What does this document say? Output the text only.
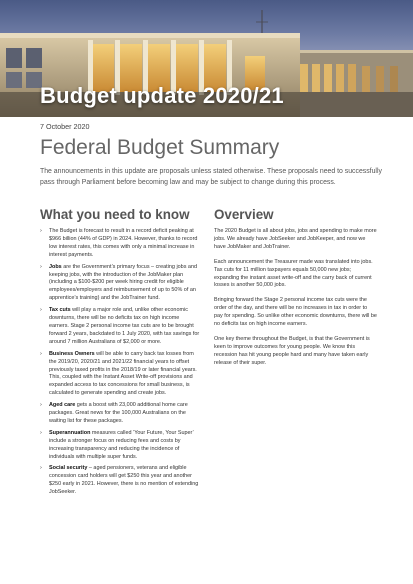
Budget update 2020/21
7 October 2020
Federal Budget Summary

The announcements in this update are proposals unless stated otherwise. These proposals need to successfully pass through Parliament before becoming law and may be subject to change during this process.

What you need to know
› The Budget is forecast to result in a record deficit peaking at $966 billion (44% of GDP) in 2024. However, thanks to record low interest rates, this comes with only a minimal increase in interest payments.
› Jobs are the Government’s primary focus – creating jobs and keeping jobs, with the introduction of the JobMaker plan (including a $100-$200 per week hiring credit for eligible employees/employers and reimbursement of up to 50% of an apprentice’s training) and the JobTrainer fund.
› Tax cuts will play a major role and, unlike other economic downturns, there will be no deficits tax on high income earners. Stage 2 personal income tax cuts are to be brought forward 2 years, backdated to 1 July 2020, with tax savings for around 7 million Australians of $2,000 or more.
› Business Owners will be able to carry back tax losses from the 2019/20, 2020/21 and 2021/22 financial years to offset previously taxed profits in the 2018/19 or later financial years. This, coupled with the Instant Asset Write-off provisions and expanded access to tax concessions for small business, is calculated to generate spending and create jobs.
› Aged care gets a boost with 23,000 additional home care packages. Great news for the 100,000 Australians on the waiting list for these packages.
› Superannuation measures called ‘Your Future, Your Super’ include a stronger focus on reducing fees and costs by increasing transparency and reducing the incidence of individuals with multiple super funds.
› Social security – aged pensioners, veterans and eligible concession card holders will get $250 this year and another $250 early in 2021. However, there is no mention of extending JobSeeker.
Overview

The 2020 Budget is all about jobs, jobs and spending to make more jobs. We already have JobSeeker and JobKeeper, and now we have JobMaker and JobTrainer.

Each announcement the Treasurer made was translated into jobs. Tax cuts for 11 million taxpayers equals 50,000 new jobs; expanding the instant asset write-off and the carry back of current losses is another 50,000 jobs.

Bringing forward the Stage 2 personal income tax cuts were the order of the day, and there will be no increases in tax in order to pay for spending. So unlike other economic downturns, there will be no deficits tax on high income earners.

One key theme throughout the Budget, is that the Government is keen to improve outcomes for young people. We know this recession has hit young people hard and many have taken early release of their super.
